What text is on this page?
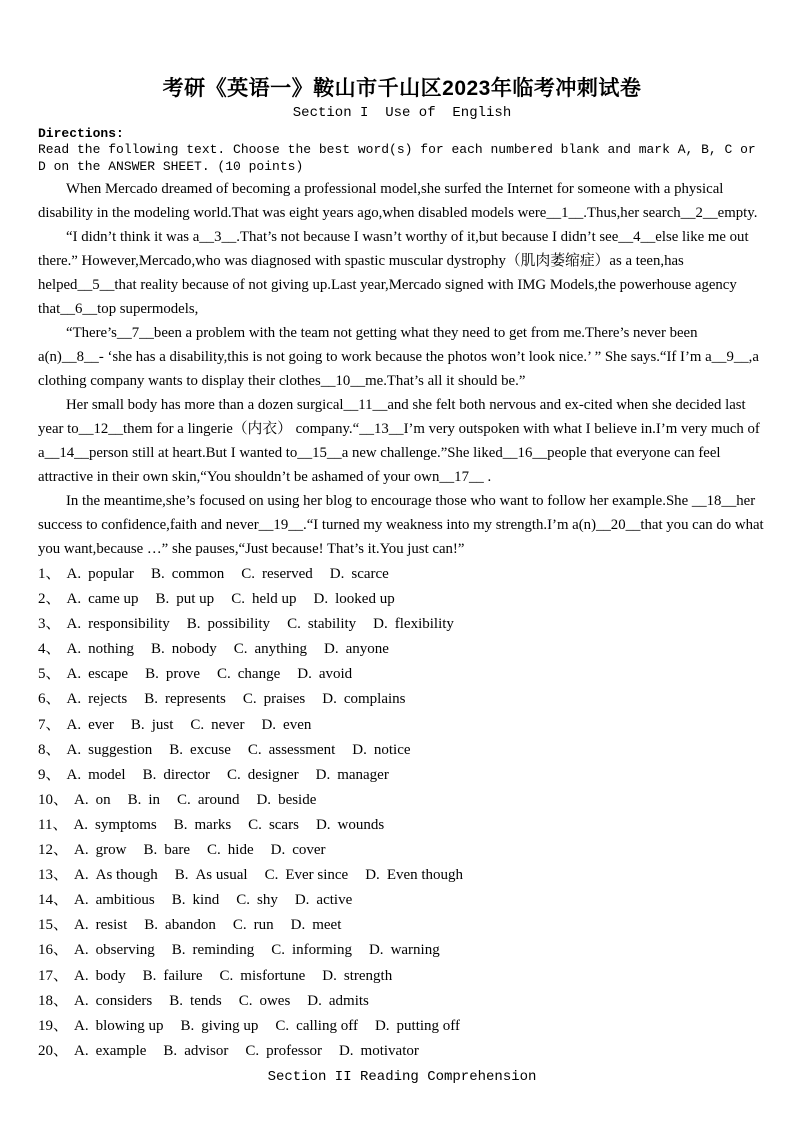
考研《英语一》鞍山市千山区2023年临考冲刺试卷
Section I  Use of  English
Directions:
Read the following text. Choose the best word(s) for each numbered blank and mark A, B, C or D on the ANSWER SHEET. (10 points)

When Mercado dreamed of becoming a professional model,she surfed the Internet for someone with a physical disability in the modeling world.That was eight years ago,when disabled models were__1__.Thus,her search__2__empty.

“I didn’t think it was a__3__.That’s not because I wasn’t worthy of it,but because I didn’t see__4__else like me out there.” However,Mercado,who was diagnosed with spastic muscular dystrophy（肌肉萎缩症）as a teen,has helped__5__that reality because of not giving up.Last year,Mercado signed with IMG Models,the powerhouse agency that__6__top supermodels,

“There’s__7__been a problem with the team not getting what they need to get from me.There’s never been a(n)__8__- ‘she has a disability,this is not going to work because the photos won’t look nice.’ ” She says.“If I’m a__9__,a clothing company wants to display their clothes__10__me.That’s all it should be.”

Her small body has more than a dozen surgical__11__and she felt both nervous and ex-cited when she decided last year to__12__them for a lingerie（内衣） company.“__13__I’m very outspoken with what I believe in.I’m very much of a__14__person still at heart.But I wanted to__15__a new challenge.”She liked__16__people that everyone can feel attractive in their own skin,“You shouldn’t be ashamed of your own__17__ .

In the meantime,she’s focused on using her blog to encourage those who want to follow her example.She __18__her success to confidence,faith and never__19__.“I turned my weakness into my strength.I’m a(n)__20__that you can do what you want,because …” she pauses,“Just because! That’s it.You just can!”

1、 A. popular B. common C. reserved D. scarce
2、 A. came up B. put up C. held up D. looked up
3、 A. responsibility B. possibility C. stability D. flexibility
4、 A. nothing B. nobody C. anything D. anyone
5、 A. escape B. prove C. change D. avoid
6、 A. rejects B. represents C. praises D. complains
7、 A. ever B. just C. never D. even
8、 A. suggestion B. excuse C. assessment D. notice
9、 A. model B. director C. designer D. manager
10、 A. on B. in C. around D. beside
11、 A. symptoms B. marks C. scars D. wounds
12、 A. grow B. bare C. hide D. cover
13、 A. As though B. As usual C. Ever since D. Even though
14、 A. ambitious B. kind C. shy D. active
15、 A. resist B. abandon C. run D. meet
16、 A. observing B. reminding C. informing D. warning
17、 A. body B. failure C. misfortune D. strength
18、 A. considers B. tends C. owes D. admits
19、 A. blowing up B. giving up C. calling off D. putting off
20、 A. example B. advisor C. professor D. motivator
Section II Reading Comprehension
